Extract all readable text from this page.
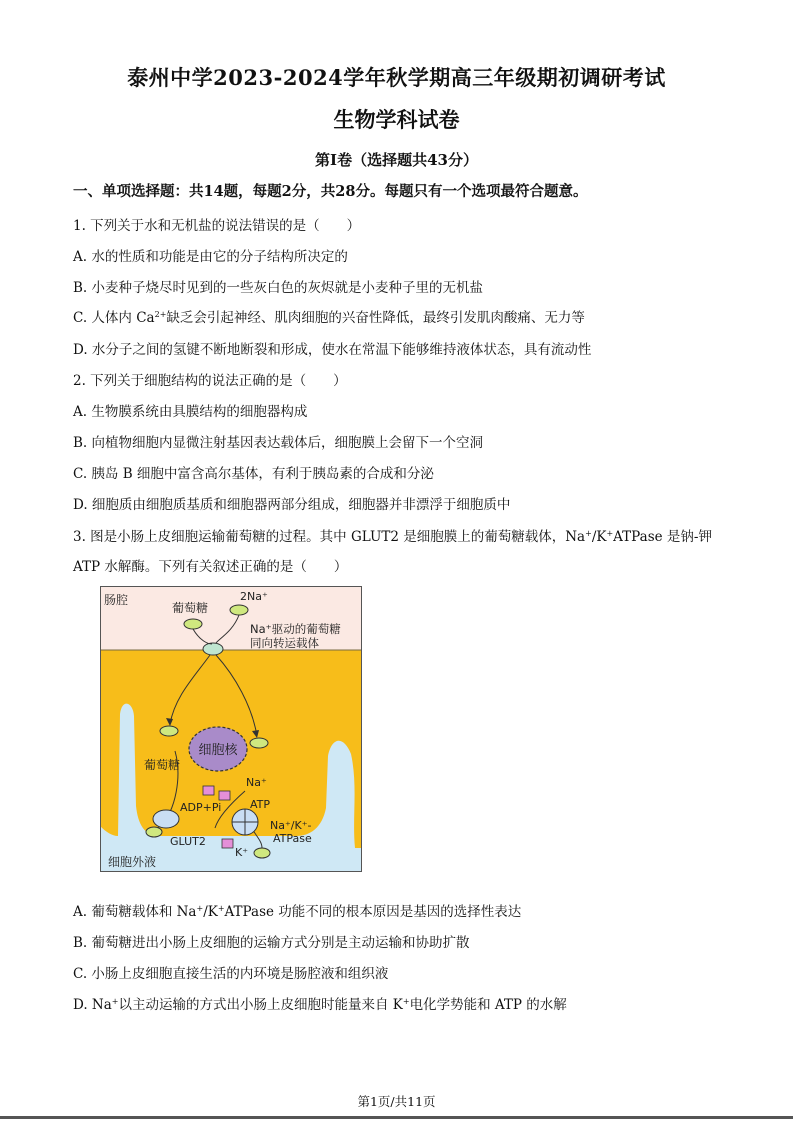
泰州中学2023-2024学年秋学期高三年级期初调研考试
生物学科试卷
第Ⅰ卷（选择题共43分）
一、单项选择题：共14题，每题2分，共28分。每题只有一个选项最符合题意。
1. 下列关于水和无机盐的说法错误的是（　　）
A. 水的性质和功能是由它的分子结构所决定的
B. 小麦种子烧尽时见到的一些灰白色的灰烬就是小麦种子里的无机盐
C. 人体内 $Ca^{2+}$缺乏会引起神经、肌肉细胞的兴奋性降低，最终引发肌肉酸痛、无力等
D. 水分子之间的氢键不断地断裂和形成，使水在常温下能够维持液体状态，具有流动性
2. 下列关于细胞结构的说法正确的是（　　）
A. 生物膜系统由具膜结构的细胞器构成
B. 向植物细胞内显微注射基因表达载体后，细胞膜上会留下一个空洞
C. 胰岛 B 细胞中富含高尔基体，有利于胰岛素的合成和分泌
D. 细胞质由细胞质基质和细胞器两部分组成，细胞器并非漂浮于细胞质中
3. 图是小肠上皮细胞运输葡萄糖的过程。其中 GLUT2 是细胞膜上的葡萄糖载体，Na+/K+ATPase 是钠-钾
ATP 水解酶。下列有关叙述正确的是（　　）
细胞核
肠腔
葡萄糖
2Na⁺
Na⁺驱动的葡萄糖
同向转运载体
葡萄糖
Na⁺
ADP+Pi	ATP
GLUT2
Na⁺/K⁺-
ATPase
K⁺
细胞外液
A. 葡萄糖载体和 Na+/K+ATPase 功能不同的根本原因是基因的选择性表达
B. 葡萄糖进出小肠上皮细胞的运输方式分别是主动运输和协助扩散
C. 小肠上皮细胞直接生活的内环境是肠腔液和组织液
D. Na+以主动运输的方式出小肠上皮细胞时能量来自 K+电化学势能和 ATP 的水解
第1页/共11页
